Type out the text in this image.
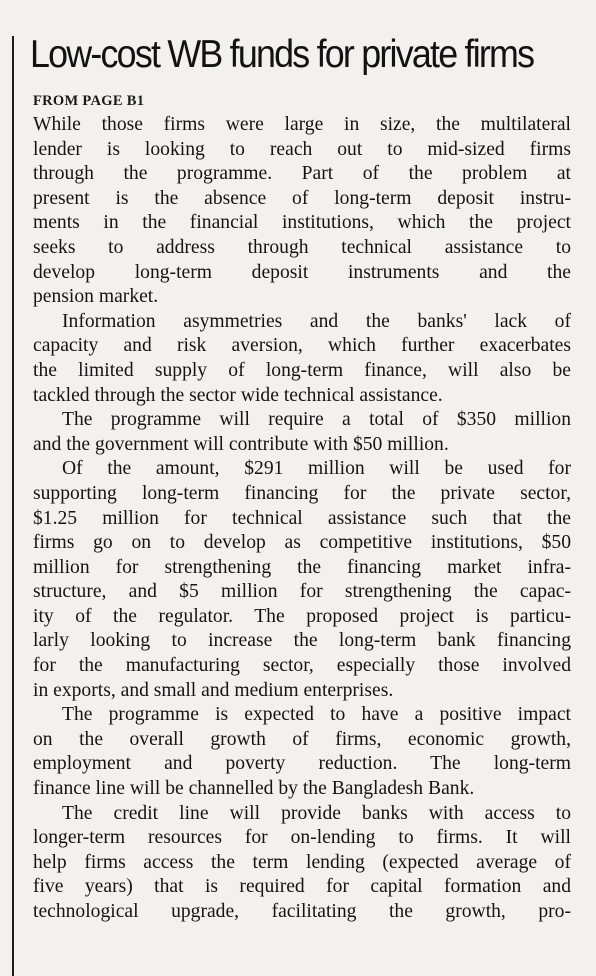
Low-cost WB funds for private firms
FROM PAGE B1
While those firms were large in size, the multilateral
lender is looking to reach out to mid-sized firms
through the programme. Part of the problem at
present is the absence of long-term deposit instru-
ments in the financial institutions, which the project
seeks to address through technical assistance to
develop long-term deposit instruments and the
pension market.
Information asymmetries and the banks' lack of
capacity and risk aversion, which further exacerbates
the limited supply of long-term finance, will also be
tackled through the sector wide technical assistance.
The programme will require a total of $350 million
and the government will contribute with $50 million.
Of the amount, $291 million will be used for
supporting long-term financing for the private sector,
$1.25 million for technical assistance such that the
firms go on to develop as competitive institutions, $50
million for strengthening the financing market infra-
structure, and $5 million for strengthening the capac-
ity of the regulator. The proposed project is particu-
larly looking to increase the long-term bank financing
for the manufacturing sector, especially those involved
in exports, and small and medium enterprises.
The programme is expected to have a positive impact
on the overall growth of firms, economic growth,
employment and poverty reduction. The long-term
finance line will be channelled by the Bangladesh Bank.
The credit line will provide banks with access to
longer-term resources for on-lending to firms. It will
help firms access the term lending (expected average of
five years) that is required for capital formation and
technological upgrade, facilitating the growth, pro-
